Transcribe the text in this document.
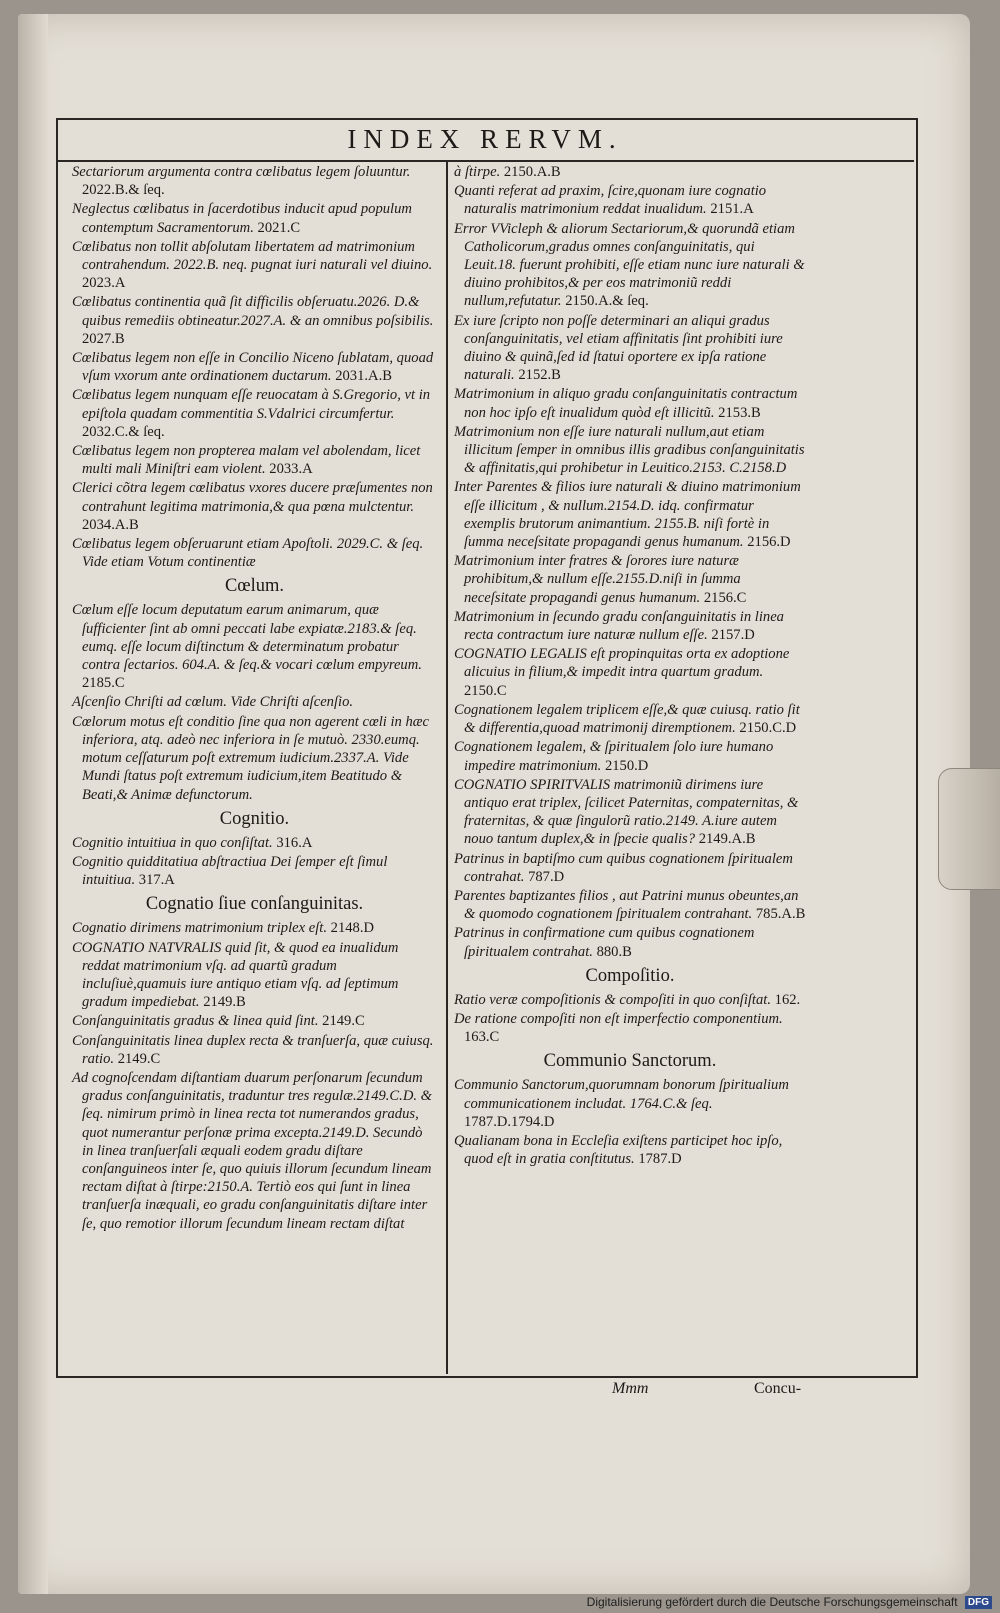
INDEX RERVM.
Sectariorum argumenta contra cœlibatus legem ſoluuntur. 2022.B.& ſeq.
Neglectus cœlibatus in ſacerdotibus inducit apud populum contemptum Sacramentorum. 2021.C
Cœlibatus non tollit abſolutam libertatem ad matrimonium contrahendum. 2022.B. neq. pugnat iuri naturali vel diuino. 2023.A
Cœlibatus continentia quã ſit difficilis obſeruatu.2026. D.& quibus remediis obtineatur.2027.A. & an omnibus poſsibilis. 2027.B
Cœlibatus legem non eſſe in Concilio Niceno ſublatam, quoad vſum vxorum ante ordinationem ductarum. 2031.A.B
Cœlibatus legem nunquam eſſe reuocatam à S.Gregorio, vt in epiſtola quadam commentitia S.Vdalrici circumfertur. 2032.C.& ſeq.
Cœlibatus legem non propterea malam vel abolendam, licet multi mali Miniſtri eam violent. 2033.A
Clerici cõtra legem cœlibatus vxores ducere præſumentes non contrahunt legitima matrimonia,& qua pœna mulctentur. 2034.A.B
Cœlibatus legem obſeruarunt etiam Apoſtoli. 2029.C. & ſeq. Vide etiam Votum continentiæ
Cœlum.
Cœlum eſſe locum deputatum earum animarum, quæ ſufficienter ſint ab omni peccati labe expiatæ.2183.& ſeq. eumq. eſſe locum diſtinctum & determinatum probatur contra ſectarios. 604.A. & ſeq.& vocari cœlum empyreum. 2185.C
Aſcenſio Chriſti ad cœlum. Vide Chriſti aſcenſio.
Cœlorum motus eſt conditio ſine qua non agerent cœli in hæc inferiora, atq. adeò nec inferiora in ſe mutuò. 2330.eumq. motum ceſſaturum poſt extremum iudicium.2337.A. Vide Mundi ſtatus poſt extremum iudicium,item Beatitudo & Beati,& Animæ defunctorum.
Cognitio.
Cognitio intuitiua in quo conſiſtat. 316.A
Cognitio quidditatiua abſtractiua Dei ſemper eſt ſimul intuitiua. 317.A
Cognatio ſiue conſanguinitas.
Cognatio dirimens matrimonium triplex eſt. 2148.D
COGNATIO NATVRALIS quid ſit, & quod ea inualidum reddat matrimonium vſq. ad quartũ gradum incluſiuè,quamuis iure antiquo etiam vſq. ad ſeptimum gradum impediebat. 2149.B
Conſanguinitatis gradus & linea quid ſint. 2149.C
Conſanguinitatis linea duplex recta & tranſuerſa, quæ cuiusq. ratio. 2149.C
Ad cognoſcendam diſtantiam duarum perſonarum ſecundum gradus conſanguinitatis, traduntur tres regulæ.2149.C.D. & ſeq. nimirum primò in linea recta tot numerandos gradus, quot numerantur perſonæ prima excepta.2149.D. Secundò in linea tranſuerſali æquali eodem gradu diſtare conſanguineos inter ſe, quo quiuis illorum ſecundum lineam rectam diſtat à ſtirpe:2150.A. Tertiò eos qui ſunt in linea tranſuerſa inæquali, eo gradu conſanguinitatis diſtare inter ſe, quo remotior illorum ſecundum lineam rectam diſtat
à ſtirpe. 2150.A.B
Quanti referat ad praxim, ſcire,quonam iure cognatio naturalis matrimonium reddat inualidum. 2151.A
Error VVicleph & aliorum Sectariorum,& quorundã etiam Catholicorum,gradus omnes conſanguinitatis, qui Leuit.18. fuerunt prohibiti, eſſe etiam nunc iure naturali & diuino prohibitos,& per eos matrimoniũ reddi nullum,refutatur. 2150.A.& ſeq.
Ex iure ſcripto non poſſe determinari an aliqui gradus conſanguinitatis, vel etiam affinitatis ſint prohibiti iure diuino & quinã,ſed id ſtatui oportere ex ipſa ratione naturali. 2152.B
Matrimonium in aliquo gradu conſanguinitatis contractum non hoc ipſo eſt inualidum quòd eſt illicitũ. 2153.B
Matrimonium non eſſe iure naturali nullum,aut etiam illicitum ſemper in omnibus illis gradibus conſanguinitatis & affinitatis,qui prohibetur in Leuitico.2153. C.2158.D
Inter Parentes & filios iure naturali & diuino matrimonium eſſe illicitum , & nullum.2154.D. idq. confirmatur exemplis brutorum animantium. 2155.B. niſi fortè in ſumma neceſsitate propagandi genus humanum. 2156.D
Matrimonium inter fratres & ſorores iure naturæ prohibitum,& nullum eſſe.2155.D.niſi in ſumma neceſsitate propagandi genus humanum. 2156.C
Matrimonium in ſecundo gradu conſanguinitatis in linea recta contractum iure naturæ nullum eſſe. 2157.D
COGNATIO LEGALIS eſt propinquitas orta ex adoptione alicuius in filium,& impedit intra quartum gradum. 2150.C
Cognationem legalem triplicem eſſe,& quæ cuiusq. ratio ſit & differentia,quoad matrimonij diremptionem. 2150.C.D
Cognationem legalem, & ſpiritualem ſolo iure humano impedire matrimonium. 2150.D
COGNATIO SPIRITVALIS matrimoniũ dirimens iure antiquo erat triplex, ſcilicet Paternitas, compaternitas, & fraternitas, & quæ ſingulorũ ratio.2149. A.iure autem nouo tantum duplex,& in ſpecie qualis? 2149.A.B
Patrinus in baptiſmo cum quibus cognationem ſpiritualem contrahat. 787.D
Parentes baptizantes filios , aut Patrini munus obeuntes,an & quomodo cognationem ſpiritualem contrahant. 785.A.B
Patrinus in confirmatione cum quibus cognationem ſpiritualem contrahat. 880.B
Compoſitio.
Ratio veræ compoſitionis & compoſiti in quo conſiſtat. 162.
De ratione compoſiti non eſt imperfectio componentium. 163.C
Communio Sanctorum.
Communio Sanctorum,quorumnam bonorum ſpiritualium communicationem includat. 1764.C.& ſeq. 1787.D.1794.D
Qualianam bona in Eccleſia exiſtens participet hoc ipſo, quod eſt in gratia conſtitutus. 1787.D
Mmm	Concu-
Digitalisierung gefördert durch die Deutsche Forschungsgemeinschaft DFG
